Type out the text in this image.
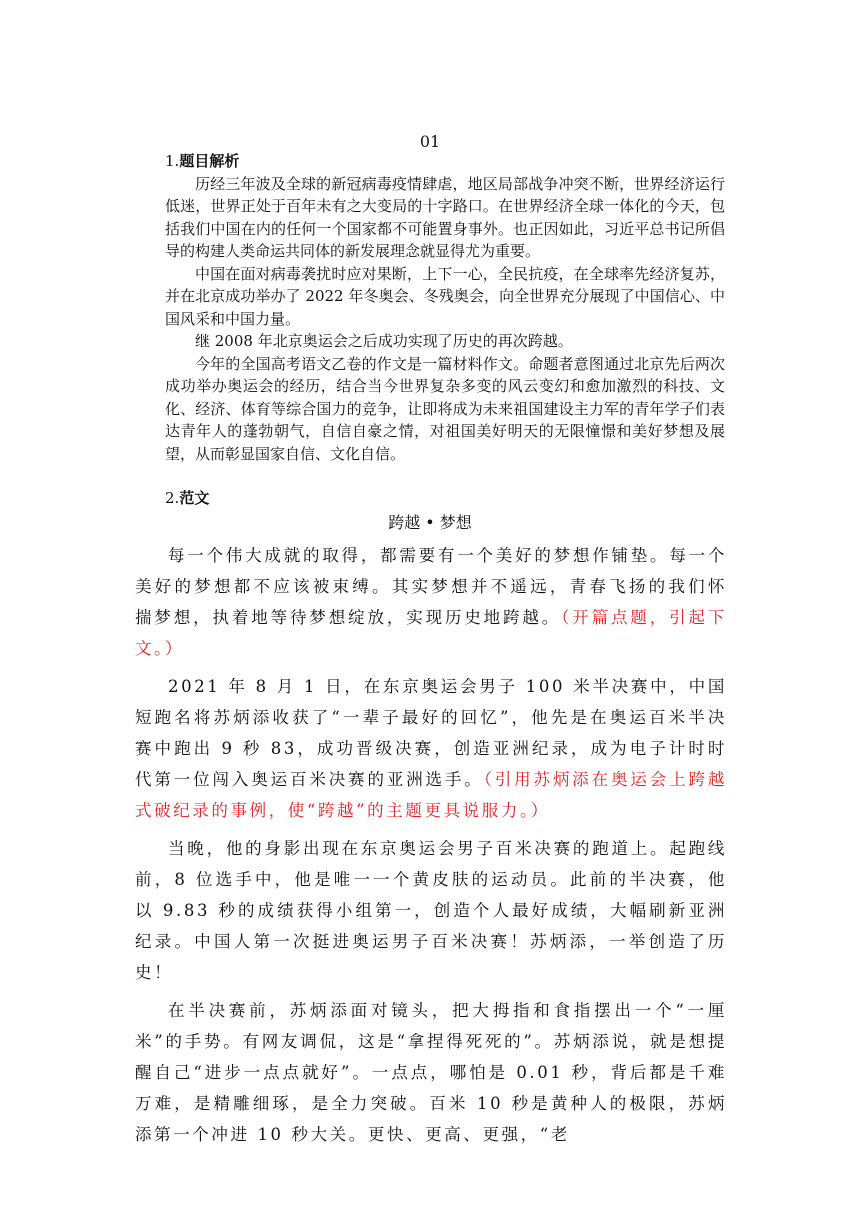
01
1.题目解析

历经三年波及全球的新冠病毒疫情肆虐，地区局部战争冲突不断，世界经济运行低迷，世界正处于百年未有之大变局的十字路口。在世界经济全球一体化的今天，包括我们中国在内的任何一个国家都不可能置身事外。也正因如此，习近平总书记所倡导的构建人类命运共同体的新发展理念就显得尤为重要。

中国在面对病毒袭扰时应对果断，上下一心，全民抗疫，在全球率先经济复苏，并在北京成功举办了 2022 年冬奥会、冬残奥会，向全世界充分展现了中国信心、中国风采和中国力量。

继 2008 年北京奥运会之后成功实现了历史的再次跨越。

今年的全国高考语文乙卷的作文是一篇材料作文。命题者意图通过北京先后两次成功举办奥运会的经历，结合当今世界复杂多变的风云变幻和愈加激烈的科技、文化、经济、体育等综合国力的竞争，让即将成为未来祖国建设主力军的青年学子们表达青年人的蓬勃朝气，自信自豪之情，对祖国美好明天的无限憧憬和美好梦想及展望，从而彰显国家自信、文化自信。

2.范文
跨越 • 梦想

每一个伟大成就的取得，都需要有一个美好的梦想作铺垫。每一个美好的梦想都不应该被束缚。其实梦想并不遥远，青春飞扬的我们怀揣梦想，执着地等待梦想绽放，实现历史地跨越。（开篇点题，引起下文。）

2021 年 8 月 1 日，在东京奥运会男子 100 米半决赛中，中国短跑名将苏炳添收获了“一辈子最好的回忆”，他先是在奥运百米半决赛中跑出 9 秒 83，成功晋级决赛，创造亚洲纪录，成为电子计时时代第一位闯入奥运百米决赛的亚洲选手。（引用苏炳添在奥运会上跨越式破纪录的事例，使“跨越”的主题更具说服力。）

当晚，他的身影出现在东京奥运会男子百米决赛的跑道上。起跑线前，8 位选手中，他是唯一一个黄皮肤的运动员。此前的半决赛，他以 9.83 秒的成绩获得小组第一，创造个人最好成绩，大幅刷新亚洲纪录。中国人第一次挺进奥运男子百米决赛！苏炳添，一举创造了历史！

在半决赛前，苏炳添面对镜头，把大拇指和食指摆出一个“一厘米”的手势。有网友调侃，这是“拿捏得死死的”。苏炳添说，就是想提醒自己“进步一点点就好”。一点点，哪怕是 0.01 秒，背后都是千难万难，是精雕细琢，是全力突破。百米 10 秒是黄种人的极限，苏炳添第一个冲进 10 秒大关。更快、更高、更强，“老
